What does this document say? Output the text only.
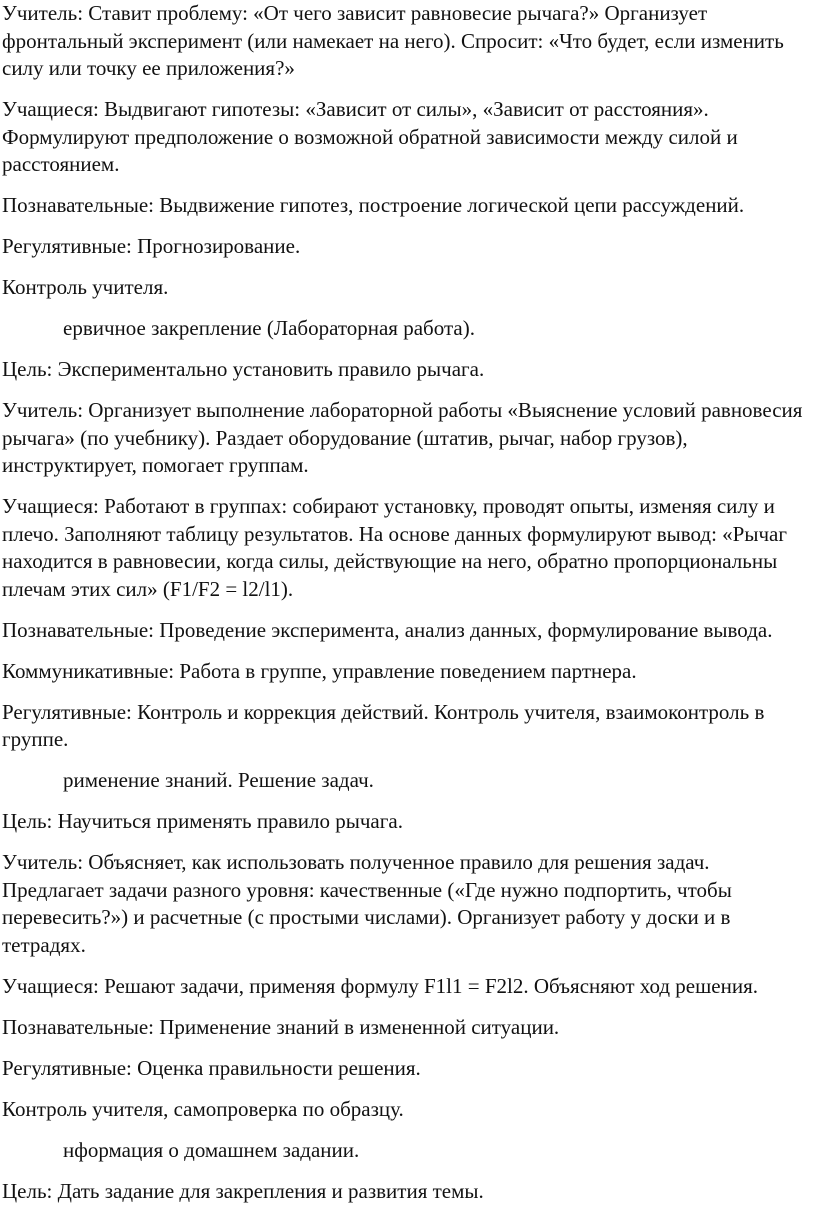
Учитель: Ставит проблему: «От чего зависит равновесие рычага?» Организует фронтальный эксперимент (или намекает на него). Спросит: «Что будет, если изменить силу или точку ее приложения?»

Учащиеся: Выдвигают гипотезы: «Зависит от силы», «Зависит от расстояния». Формулируют предположение о возможной обратной зависимости между силой и расстоянием.

Познавательные: Выдвижение гипотез, построение логической цепи рассуждений.

Регулятивные: Прогнозирование.

Контроль учителя.

ервичное закрепление (Лабораторная работа).

Цель: Экспериментально установить правило рычага.

Учитель: Организует выполнение лабораторной работы «Выяснение условий равновесия рычага» (по учебнику). Раздает оборудование (штатив, рычаг, набор грузов), инструктирует, помогает группам.

Учащиеся: Работают в группах: собирают установку, проводят опыты, изменяя силу и плечо. Заполняют таблицу результатов. На основе данных формулируют вывод: «Рычаг находится в равновесии, когда силы, действующие на него, обратно пропорциональны плечам этих сил» (F1/F2 = l2/l1).

Познавательные: Проведение эксперимента, анализ данных, формулирование вывода.

Коммуникативные: Работа в группе, управление поведением партнера.

Регулятивные: Контроль и коррекция действий. Контроль учителя, взаимоконтроль в группе.

рименение знаний. Решение задач.

Цель: Научиться применять правило рычага.

Учитель: Объясняет, как использовать полученное правило для решения задач. Предлагает задачи разного уровня: качественные («Где нужно подпортить, чтобы перевесить?») и расчетные (с простыми числами). Организует работу у доски и в тетрадях.

Учащиеся: Решают задачи, применяя формулу F1l1 = F2l2. Объясняют ход решения.

Познавательные: Применение знаний в измененной ситуации.

Регулятивные: Оценка правильности решения.

Контроль учителя, самопроверка по образцу.

нформация о домашнем задании.

Цель: Дать задание для закрепления и развития темы.
